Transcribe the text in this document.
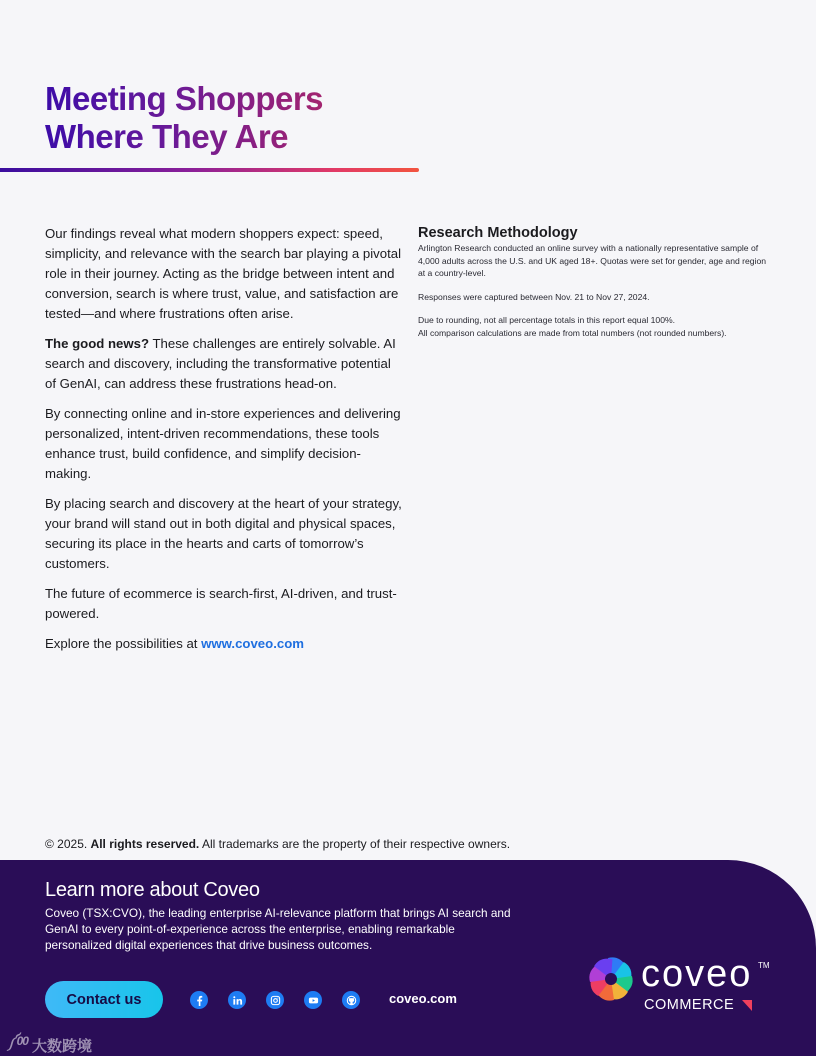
Meeting Shoppers
Where They Are

Our findings reveal what modern shoppers expect: speed, simplicity, and relevance with the search bar playing a pivotal role in their journey. Acting as the bridge between intent and conversion, search is where trust, value, and satisfaction are tested—and where frustrations often arise.

The good news? These challenges are entirely solvable. AI search and discovery, including the transformative potential of GenAI, can address these frustrations head-on.

By connecting online and in-store experiences and delivering personalized, intent-driven recommendations, these tools enhance trust, build confidence, and simplify decision-making.

By placing search and discovery at the heart of your strategy, your brand will stand out in both digital and physical spaces, securing its place in the hearts and carts of tomorrow’s customers.

The future of ecommerce is search-first, AI-driven, and trust-powered.

Explore the possibilities at www.coveo.com

Research Methodology

Arlington Research conducted an online survey with a nationally representative sample of 4,000 adults across the U.S. and UK aged 18+. Quotas were set for gender, age and region at a country-level.

Responses were captured between Nov. 21 to Nov 27, 2024.

Due to rounding, not all percentage totals in this report equal 100%.
All comparison calculations are made from total numbers (not rounded numbers).

© 2025. All rights reserved. All trademarks are the property of their respective owners.
Learn more about Coveo

Coveo (TSX:CVO), the leading enterprise AI-relevance platform that brings AI search and GenAI to every point-of-experience across the enterprise, enabling remarkable personalized digital experiences that drive business outcomes.

Contact us	coveo.com
coveo TM
COMMERCE
༼00 大数跨境
